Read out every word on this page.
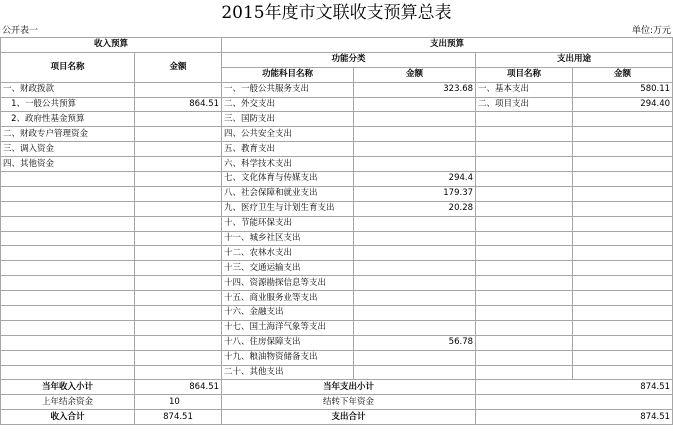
2015年度市文联收支预算总表
公开表一	单位:万元
收入预算		支出预算			
项目名称	金额	功能分类		支出用途	
		功能科目名称	金额	项目名称	金额
一、财政拨款		一、一般公共服务支出	323.68	一、基本支出	580.11
1、一般公共预算	864.51	二、外交支出		二、项目支出	294.40
2、政府性基金预算		三、国防支出			
二、财政专户管理资金		四、公共安全支出			
三、调入资金		五、教育支出			
四、其他资金		六、科学技术支出			
		七、文化体育与传媒支出	294.4		
		八、社会保障和就业支出	179.37		
		九、医疗卫生与计划生育支出	20.28		
		十、节能环保支出			
		十一、城乡社区支出			
		十二、农林水支出			
		十三、交通运输支出			
		十四、资源勘探信息等支出			
		十五、商业服务业等支出			
		十六、金融支出			
		十七、国土海洋气象等支出			
		十八、住房保障支出	56.78		
		十九、粮油物资储备支出			
		二十、其他支出			
当年收入小计	864.51	当年支出小计		874.51	
上年结余资金	10	结转下年资金			
收入合计	874.51	支出合计		874.51	
